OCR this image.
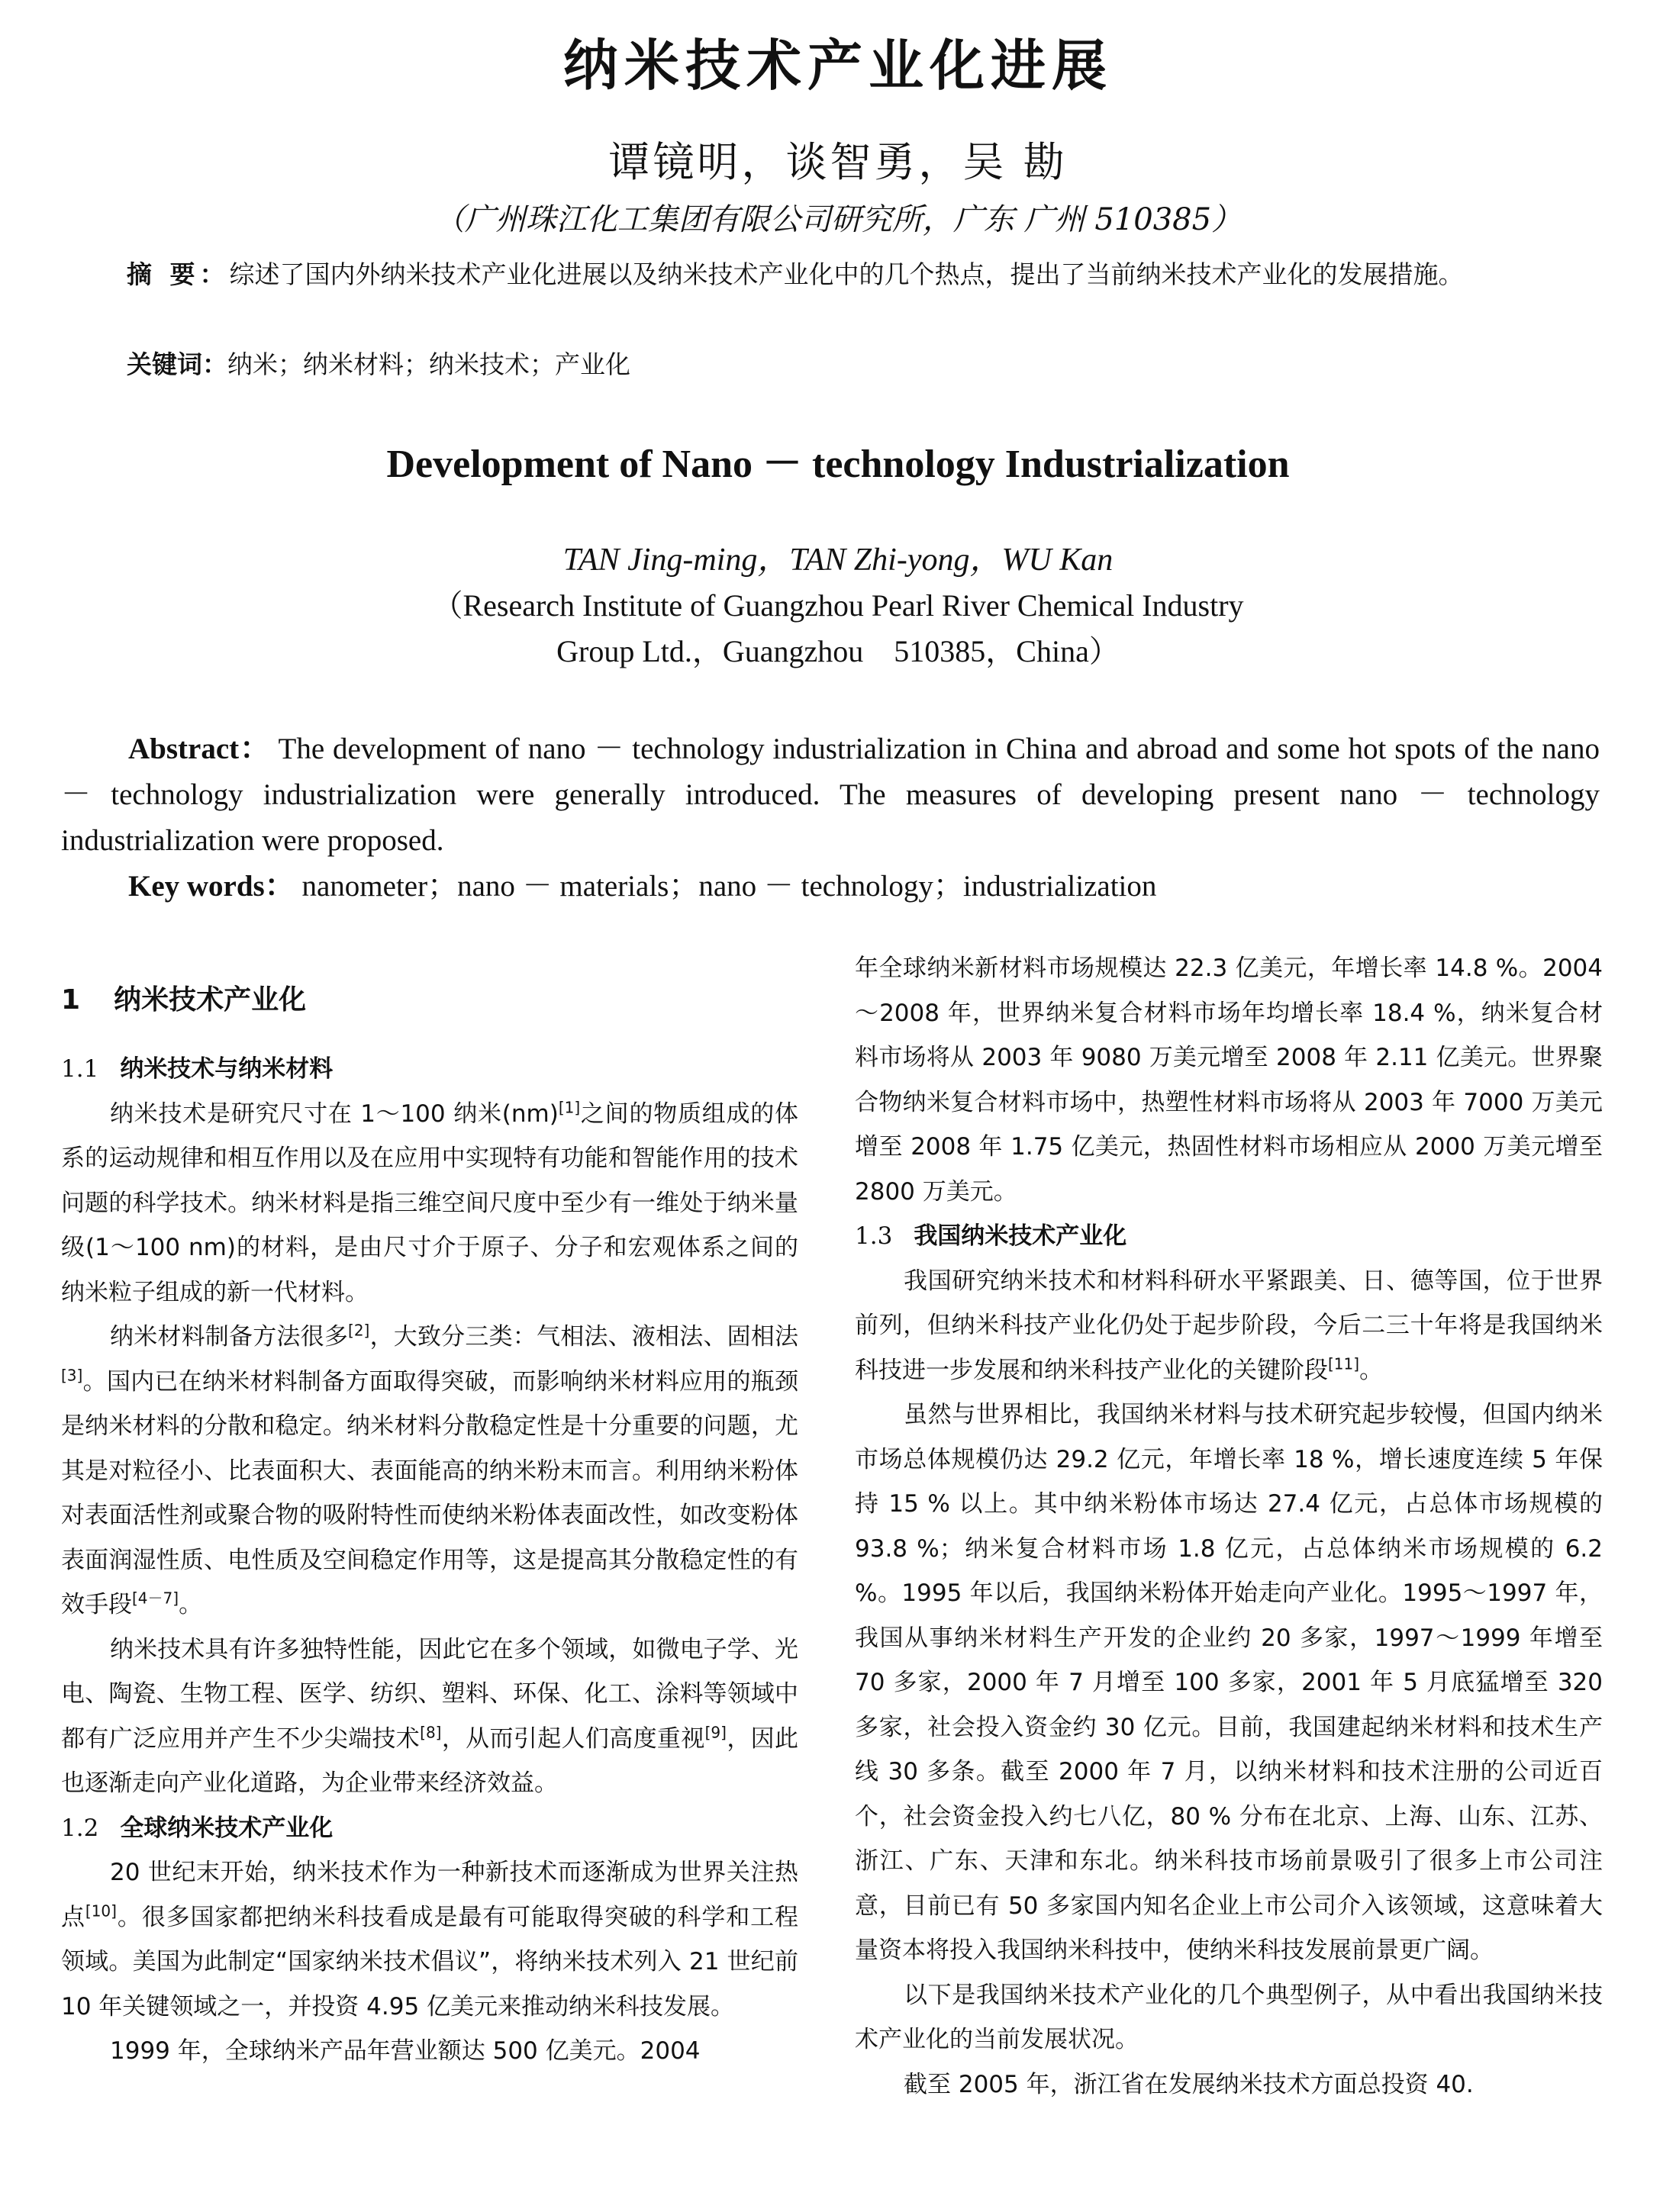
纳米技术产业化进展
谭镜明，谈智勇，吴 勘
（广州珠江化工集团有限公司研究所，广东 广州 510385）
摘 要：综述了国内外纳米技术产业化进展以及纳米技术产业化中的几个热点，提出了当前纳米技术产业化的发展措施。
关键词：纳米；纳米材料；纳米技术；产业化
Development of Nano － technology Industrialization
TAN Jing-ming，TAN Zhi-yong，WU Kan
（Research Institute of Guangzhou Pearl River Chemical Industry
Group Ltd.，Guangzhou　510385，China）
Abstract： The development of nano － technology industrialization in China and abroad and some hot spots of the nano － technology industrialization were generally introduced. The measures of developing present nano － technology industrialization were proposed.
Key words： nanometer；nano － materials；nano － technology；industrialization
1 纳米技术产业化
1.1 纳米技术与纳米材料

纳米技术是研究尺寸在 1～100 纳米(nm)[1]之间的物质组成的体系的运动规律和相互作用以及在应用中实现特有功能和智能作用的技术问题的科学技术。纳米材料是指三维空间尺度中至少有一维处于纳米量级(1～100 nm)的材料，是由尺寸介于原子、分子和宏观体系之间的纳米粒子组成的新一代材料。

纳米材料制备方法很多[2]，大致分三类：气相法、液相法、固相法[3]。国内已在纳米材料制备方面取得突破，而影响纳米材料应用的瓶颈是纳米材料的分散和稳定。纳米材料分散稳定性是十分重要的问题，尤其是对粒径小、比表面积大、表面能高的纳米粉末而言。利用纳米粉体对表面活性剂或聚合物的吸附特性而使纳米粉体表面改性，如改变粉体表面润湿性质、电性质及空间稳定作用等，这是提高其分散稳定性的有效手段[4－7]。

纳米技术具有许多独特性能，因此它在多个领域，如微电子学、光电、陶瓷、生物工程、医学、纺织、塑料、环保、化工、涂料等领域中都有广泛应用并产生不少尖端技术[8]，从而引起人们高度重视[9]，因此也逐渐走向产业化道路，为企业带来经济效益。

1.2 全球纳米技术产业化

20 世纪末开始，纳米技术作为一种新技术而逐渐成为世界关注热点[10]。很多国家都把纳米科技看成是最有可能取得突破的科学和工程领域。美国为此制定“国家纳米技术倡议”，将纳米技术列入 21 世纪前 10 年关键领域之一，并投资 4.95 亿美元来推动纳米科技发展。

1999 年，全球纳米产品年营业额达 500 亿美元。2004

年全球纳米新材料市场规模达 22.3 亿美元，年增长率 14.8 %。2004～2008 年，世界纳米复合材料市场年均增长率 18.4 %，纳米复合材料市场将从 2003 年 9080 万美元增至 2008 年 2.11 亿美元。世界聚合物纳米复合材料市场中，热塑性材料市场将从 2003 年 7000 万美元增至 2008 年 1.75 亿美元，热固性材料市场相应从 2000 万美元增至 2800 万美元。

1.3 我国纳米技术产业化

我国研究纳米技术和材料科研水平紧跟美、日、德等国，位于世界前列，但纳米科技产业化仍处于起步阶段，今后二三十年将是我国纳米科技进一步发展和纳米科技产业化的关键阶段[11]。

虽然与世界相比，我国纳米材料与技术研究起步较慢，但国内纳米市场总体规模仍达 29.2 亿元，年增长率 18 %，增长速度连续 5 年保持 15 % 以上。其中纳米粉体市场达 27.4 亿元，占总体市场规模的 93.8 %；纳米复合材料市场 1.8 亿元，占总体纳米市场规模的 6.2 %。1995 年以后，我国纳米粉体开始走向产业化。1995～1997 年，我国从事纳米材料生产开发的企业约 20 多家，1997～1999 年增至 70 多家，2000 年 7 月增至 100 多家，2001 年 5 月底猛增至 320 多家，社会投入资金约 30 亿元。目前，我国建起纳米材料和技术生产线 30 多条。截至 2000 年 7 月，以纳米材料和技术注册的公司近百个，社会资金投入约七八亿，80 % 分布在北京、上海、山东、江苏、浙江、广东、天津和东北。纳米科技市场前景吸引了很多上市公司注意，目前已有 50 多家国内知名企业上市公司介入该领域，这意味着大量资本将投入我国纳米科技中，使纳米科技发展前景更广阔。

以下是我国纳米技术产业化的几个典型例子，从中看出我国纳米技术产业化的当前发展状况。

截至 2005 年，浙江省在发展纳米技术方面总投资 40.
